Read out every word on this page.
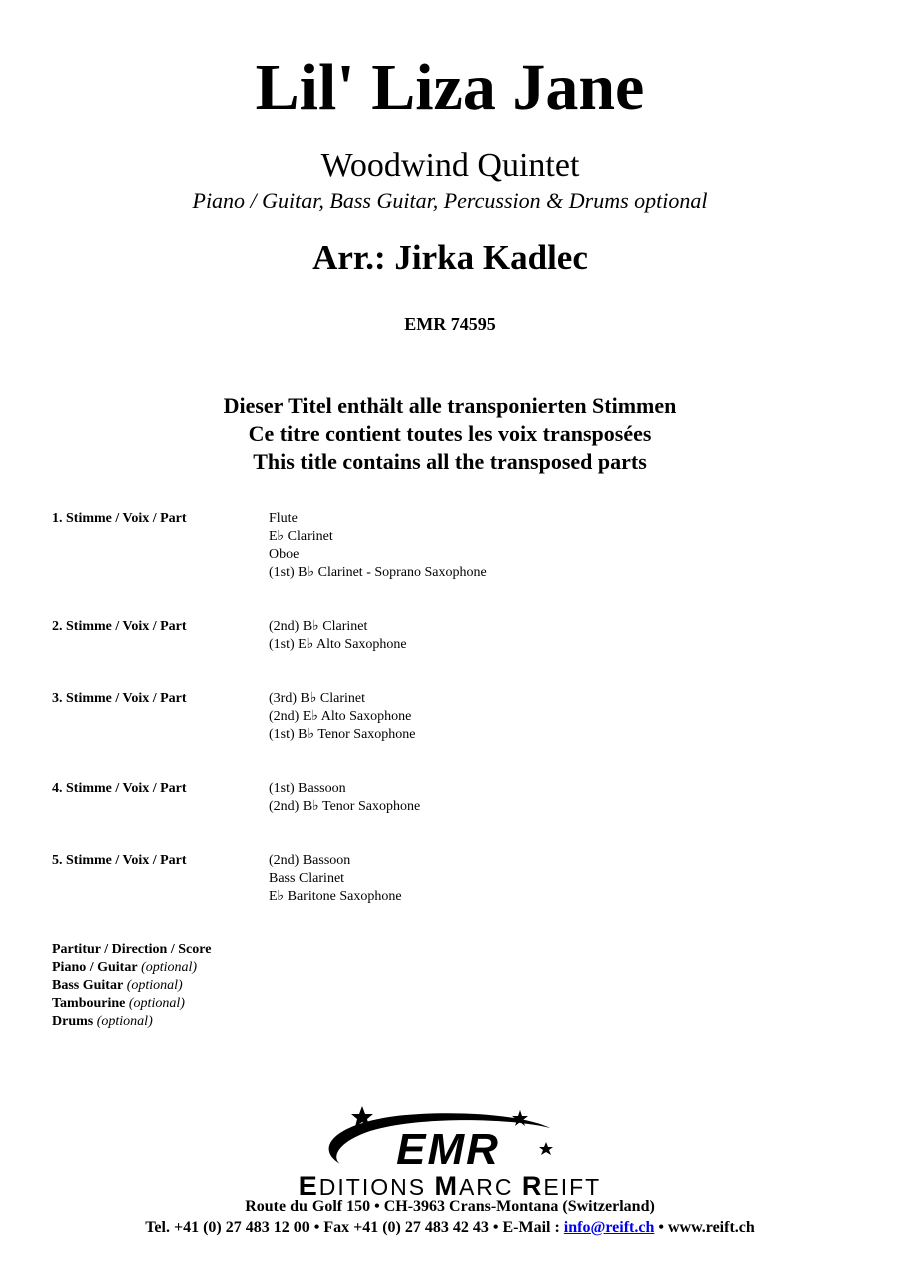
Lil' Liza Jane
Woodwind Quintet
Piano / Guitar, Bass Guitar, Percussion & Drums optional
Arr.: Jirka Kadlec
EMR 74595
Dieser Titel enthält alle transponierten Stimmen
Ce titre contient toutes les voix transposées
This title contains all the transposed parts
1. Stimme / Voix / Part	Flute
E♭ Clarinet
Oboe
(1st) B♭ Clarinet - Soprano Saxophone
2. Stimme / Voix / Part	(2nd) B♭ Clarinet
(1st) E♭ Alto Saxophone
3. Stimme / Voix / Part	(3rd) B♭ Clarinet
(2nd) E♭ Alto Saxophone
(1st) B♭ Tenor Saxophone
4. Stimme / Voix / Part	(1st) Bassoon
(2nd) B♭ Tenor Saxophone
5. Stimme / Voix / Part	(2nd) Bassoon
Bass Clarinet
E♭ Baritone Saxophone
Partitur / Direction / Score
Piano / Guitar (optional)
Bass Guitar (optional)
Tambourine (optional)
Drums (optional)
EMR
EDITIONS MARC REIFT
Route du Golf 150 • CH-3963 Crans-Montana (Switzerland)
Tel. +41 (0) 27 483 12 00 • Fax +41 (0) 27 483 42 43 • E-Mail : info@reift.ch • www.reift.ch
